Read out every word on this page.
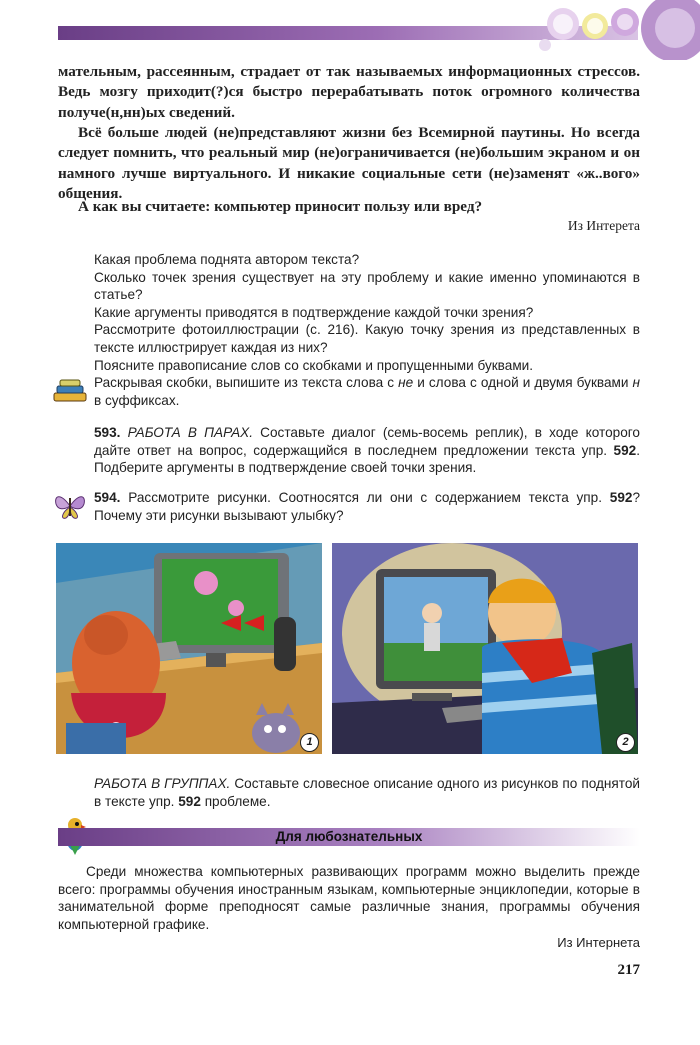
мательным, рассеянным, страдает от так называемых информационных стрессов. Ведь мозгу приходит(?)ся быстро перерабатывать поток огромного количества получе(н,нн)ых сведений.
Всё больше людей (не)представляют жизни без Всемирной паутины. Но всегда следует помнить, что реальный мир (не)ограничивается (не)большим экраном и он намного лучше виртуального. И никакие социальные сети (не)заменят «ж..вого» общения.
А как вы считаете: компьютер приносит пользу или вред?
Из Интерета
Какая проблема поднята автором текста?
Сколько точек зрения существует на эту проблему и какие именно упоминаются в статье?
Какие аргументы приводятся в подтверждение каждой точки зрения?
Рассмотрите фотоиллюстрации (с. 216). Какую точку зрения из представленных в тексте иллюстрирует каждая из них?
Поясните правописание слов со скобками и пропущенными буквами.
Раскрывая скобки, выпишите из текста слова с не и слова с одной и двумя буквами н в суффиксах.
593. РАБОТА В ПАРАХ. Составьте диалог (семь-восемь реплик), в ходе которого дайте ответ на вопрос, содержащийся в последнем предложении текста упр. 592. Подберите аргументы в подтверждение своей точки зрения.
594. Рассмотрите рисунки. Соотносятся ли они с содержанием текста упр. 592? Почему эти рисунки вызывают улыбку?
1	2
РАБОТА В ГРУППАХ. Составьте словесное описание одного из рисунков по поднятой в тексте упр. 592 проблеме.
Для любознательных
Среди множества компьютерных развивающих программ можно выделить прежде всего: программы обучения иностранным языкам, компьютерные энциклопедии, которые в занимательной форме преподносят самые различные знания, программы обучения компьютерной графике.
Из Интернета
217
